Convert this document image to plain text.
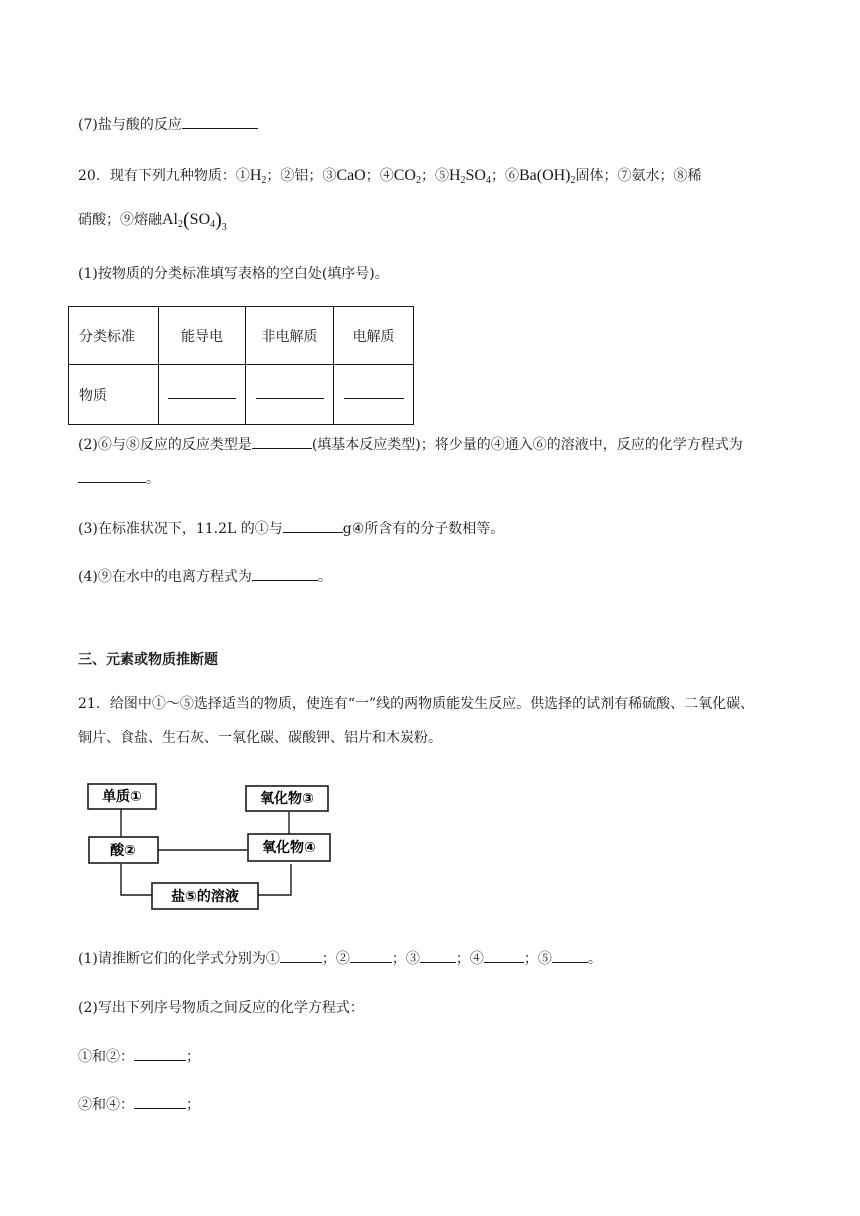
(7)盐与酸的反应
20．现有下列九种物质：$①H_2$；②铝；③CaO；$④CO_2$；$⑤H_2SO_4$；$⑥Ba(OH)_2$固体；⑦氨水；⑧稀
硝酸；⑨熔融$Al_2(SO_4)_3$
(1)按物质的分类标准填写表格的空白处(填序号)。
分类标准	能导电	非电解质	电解质
物质			
(2)⑥与⑧反应的反应类型是	(填基本反应类型)；将少量的④通入⑥的溶液中，反应的化学方程式为
。
(3)在标准状况下，11.2L 的①与	g④所含有的分子数相等。
(4)⑨在水中的电离方程式为	。
三、元素或物质推断题
21．给图中①～⑤选择适当的物质，使连有“一”线的两物质能发生反应。供选择的试剂有稀硫酸、二氧化碳、
铜片、食盐、生石灰、一氧化碳、碳酸钾、铝片和木炭粉。
单质①	氧化物③
酸②	氧化物④
盐⑤的溶液
(1)请推断它们的化学式分别为①	；②	；③	；④	；⑤	。
(2)写出下列序号物质之间反应的化学方程式：
①和②：	；
②和④：	；
